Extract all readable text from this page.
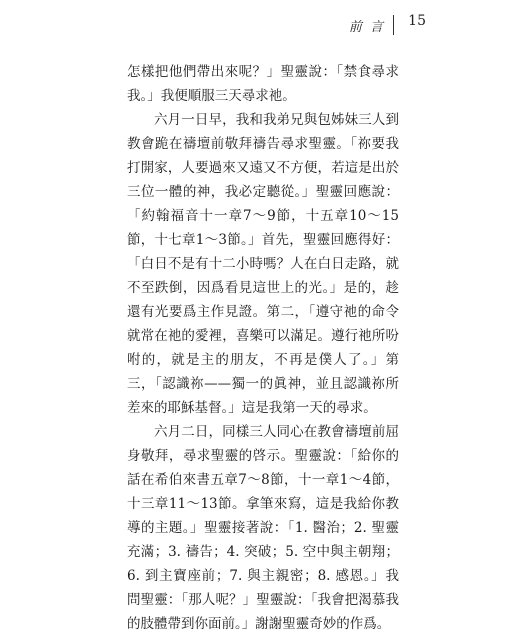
前 言 15

怎樣把他們帶出來呢？」聖靈說：「禁食尋求我。」我便順服三天尋求祂。

六月一日早，我和我弟兄與包姊妹三人到教會跪在禱壇前敬拜禱告尋求聖靈。「祢要我打開家，人要過來又遠又不方便，若這是出於三位一體的神，我必定聽從。」聖靈回應說：「約翰福音十一章7～9節，十五章10～15節，十七章1～3節。」首先，聖靈回應得好：「白日不是有十二小時嗎？人在白日走路，就不至跌倒，因爲看見這世上的光。」是的，趁還有光要爲主作見證。第二，「遵守祂的命令就常在祂的愛裡，喜樂可以滿足。遵行祂所吩咐的，就是主的朋友，不再是僕人了。」第三，「認識祢——獨一的眞神，並且認識祢所差來的耶穌基督。」這是我第一天的尋求。

六月二日，同樣三人同心在教會禱壇前屈身敬拜，尋求聖靈的啓示。聖靈說：「給你的話在希伯來書五章7～8節，十一章1～4節，十三章11～13節。拿筆來寫，這是我給你教導的主題。」聖靈接著說：「1. 醫治；2. 聖靈充滿；3. 禱告；4. 突破；5. 空中與主朝翔；6. 到主寶座前；7. 與主親密；8. 感恩。」我問聖靈：「那人呢？」聖靈說：「我會把渴慕我的肢體帶到你面前。」謝謝聖靈奇妙的作爲。
